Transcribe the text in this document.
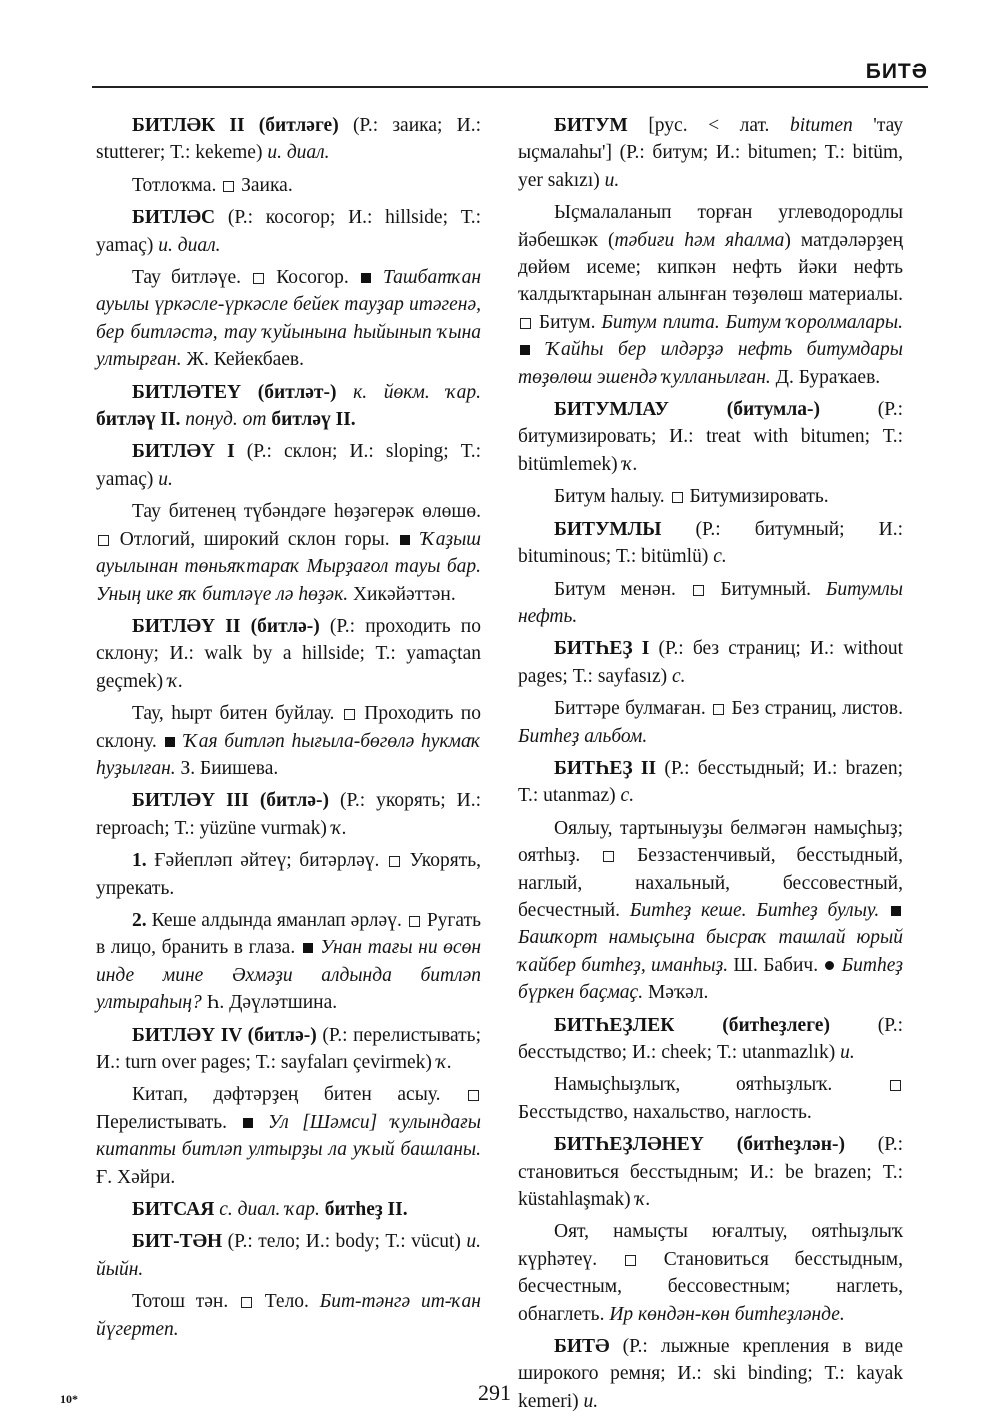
БИТӘ

БИТЛӘК II (битләге) (Р.: заика; И.: stutterer; Т.: kekeme) и. диал.

Тотлоҡма.  Заика.

БИТЛӘС (Р.: косогор; И.: hillside; Т.: yamaç) и. диал.

Тау битләүе.  Косогор.  Ташбатҡан ауылы үркәсле-үркәсле бейек тауҙар итәгенә, бер битләстә, тау ҡуйынына һыйынып ҡына ултырған. Ж. Кейекбаев.

БИТЛӘТЕҮ (битләт-) к. йөкм. ҡар. битләү II. понуд. от битләү II.

БИТЛӘҮ I (Р.: склон; И.: sloping; Т.: yamaç) и.

Тау битенең түбәндәге һөҙәгерәк өлөшө.  Отлогий, широкий склон горы.  Ҡаҙыш ауылынан төньяҡтараҡ Мырҙағол тауы бар. Уның ике яҡ битләүе лә һөҙәк. Хикәйәттән.

БИТЛӘҮ II (битлә-) (Р.: проходить по склону; И.: walk by a hillside; Т.: yamaçtan geçmek) ҡ.

Тау, һырт битен буйлау.  Проходить по склону.  Ҡая битләп һығыла-бөгөлә һукмаҡ һуҙылған. З. Биишева.

БИТЛӘҮ III (битлә-) (Р.: укорять; И.: reproach; Т.: yüzüne vurmak) ҡ.

1. Ғәйепләп әйтеү; битәрләү.  Укорять, упрекать.

2. Кеше алдында яманлап әрләү.  Ругать в лицо, бранить в глаза.  Унан тағы ни өсөн инде мине Әхмәҙи алдында битләп ултыраһың? Һ. Дәүләтшина.

БИТЛӘҮ IV (битлә-) (Р.: перелистывать; И.: turn over pages; Т.: sayfaları çevirmek) ҡ.

Китап, дәфтәрҙең битен асыу.  Перелистывать.  Ул [Шәмси] ҡулындағы китапты битләп ултырҙы ла уҡый башланы. Ғ. Хәйри.

БИТСАЯ с. диал. ҡар. битһеҙ II.

БИТ-ТӘН (Р.: тело; И.: body; Т.: vücut) и. йыйн.

Тотош тән.  Тело. Бит-тәнгә ит-ҡан йүгертеп.

БИТУМ [рус. < лат. bitumen 'тау ыҫмалаһы'] (Р.: битум; И.: bitumen; Т.: bitüm, yer sakızı) и.

Ыҫмалаланып торған углеводородлы йәбешкәк (тәбиғи һәм яһалма) матдәләрҙең дөйөм исеме; кипкән нефть йәки нефть ҡалдыҡтарынан алынған төҙөлөш материалы.  Битум. Битум плита. Битум ҡоролмалары.  Ҡайһы бер илдәрҙә нефть битумдары төҙөлөш эшендә ҡулланылған. Д. Бураҡаев.

БИТУМЛАУ (битумла-) (Р.: битумизировать; И.: treat with bitumen; Т.: bitümlemek) ҡ.

Битум һалыу.  Битумизировать.

БИТУМЛЫ (Р.: битумный; И.: bituminous; Т.: bitümlü) с.

Битум менән.  Битумный. Битумлы нефть.

БИТҺЕҘ I (Р.: без страниц; И.: without pages; Т.: sayfasız) с.

Биттәре булмаған.  Без страниц, листов. Битһеҙ альбом.

БИТҺЕҘ II (Р.: бесстыдный; И.: brazen; Т.: utanmaz) с.

Оялыу, тартыныуҙы белмәгән намыҫһыҙ; оятһыҙ.  Беззастенчивый, бесстыдный, наглый, нахальный, бессовестный, бесчестный. Битһеҙ кеше. Битһеҙ булыу.  Башҡорт намыҫына бысраҡ ташлай юрый ҡайбер битһеҙ, иманһыҙ. Ш. Бабич.  Битһеҙ бүркен баҫмаҫ. Мәҡәл.

БИТҺЕҘЛЕК (битһеҙлеге) (Р.: бесстыдство; И.: cheek; Т.: utanmazlık) и.

Намыҫһыҙлыҡ, оятһыҙлыҡ.  Бесстыдство, нахальство, наглость.

БИТҺЕҘЛӘНЕҮ (битһеҙлән-) (Р.: становиться бесстыдным; И.: be brazen; Т.: küstahlaşmak) ҡ.

Оят, намыҫты юғалтыу, оятһыҙлыҡ күрһәтеү.  Становиться бесстыдным, бесчестным, бессовестным; наглеть, обнаглеть. Ир көндән-көн битһеҙләнде.

БИТӘ (Р.: лыжные крепления в виде широкого ремня; И.: ski binding; Т.: kayak kemeri) и.

10*	291
